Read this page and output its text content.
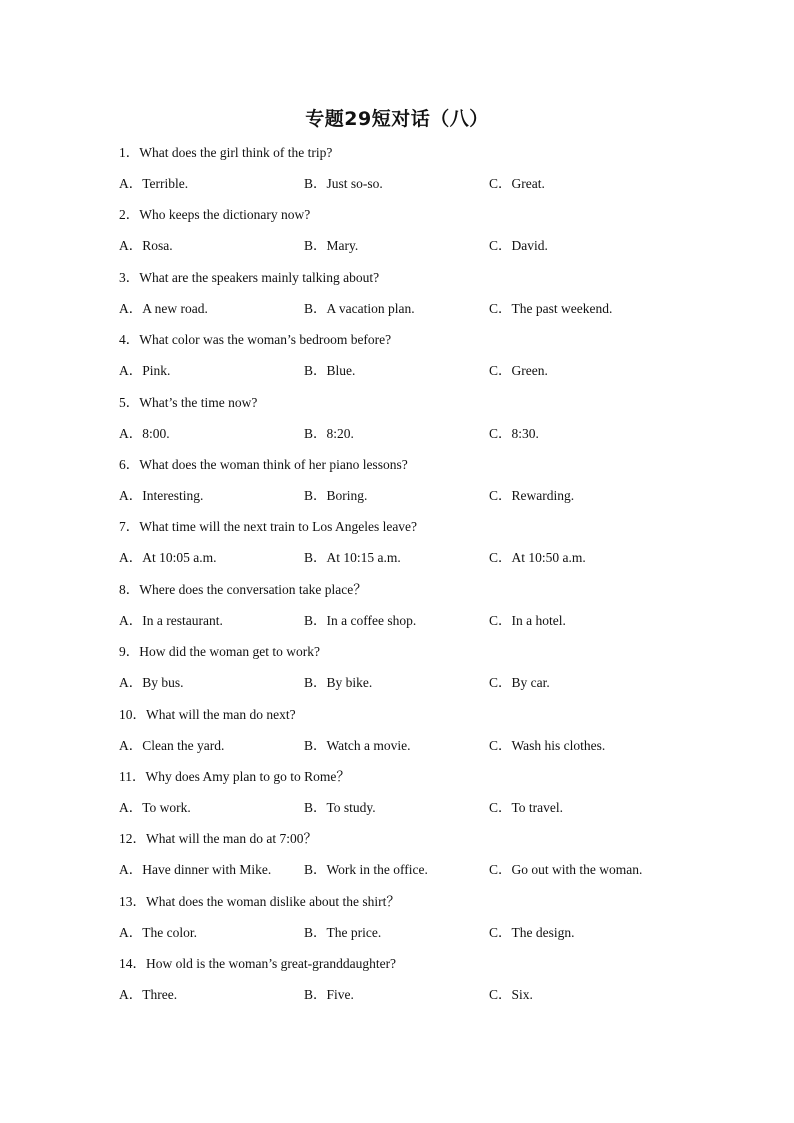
专题29短对话（八）
1．What does the girl think of the trip?
A．Terrible.	B．Just so-so.	C．Great.
2．Who keeps the dictionary now?
A．Rosa.	B．Mary.	C．David.
3．What are the speakers mainly talking about?
A．A new road.	B．A vacation plan.	C．The past weekend.
4．What color was the woman’s bedroom before?
A．Pink.	B．Blue.	C．Green.
5．What’s the time now?
A．8:00.	B．8:20.	C．8:30.
6．What does the woman think of her piano lessons?
A．Interesting.	B．Boring.	C．Rewarding.
7．What time will the next train to Los Angeles leave?
A．At 10:05 a.m.	B．At 10:15 a.m.	C．At 10:50 a.m.
8．Where does the conversation take place？
A．In a restaurant.	B．In a coffee shop.	C．In a hotel.
9．How did the woman get to work?
A．By bus.	B．By bike.	C．By car.
10．What will the man do next?
A．Clean the yard.	B．Watch a movie.	C．Wash his clothes.
11．Why does Amy plan to go to Rome？
A．To work.	B．To study.	C．To travel.
12．What will the man do at 7:00？
A．Have dinner with Mike. B．Work in the office.	C．Go out with the woman.
13．What does the woman dislike about the shirt？
A．The color.	B．The price.	C．The design.
14．How old is the woman’s great-granddaughter?
A．Three.	B．Five.	C．Six.
